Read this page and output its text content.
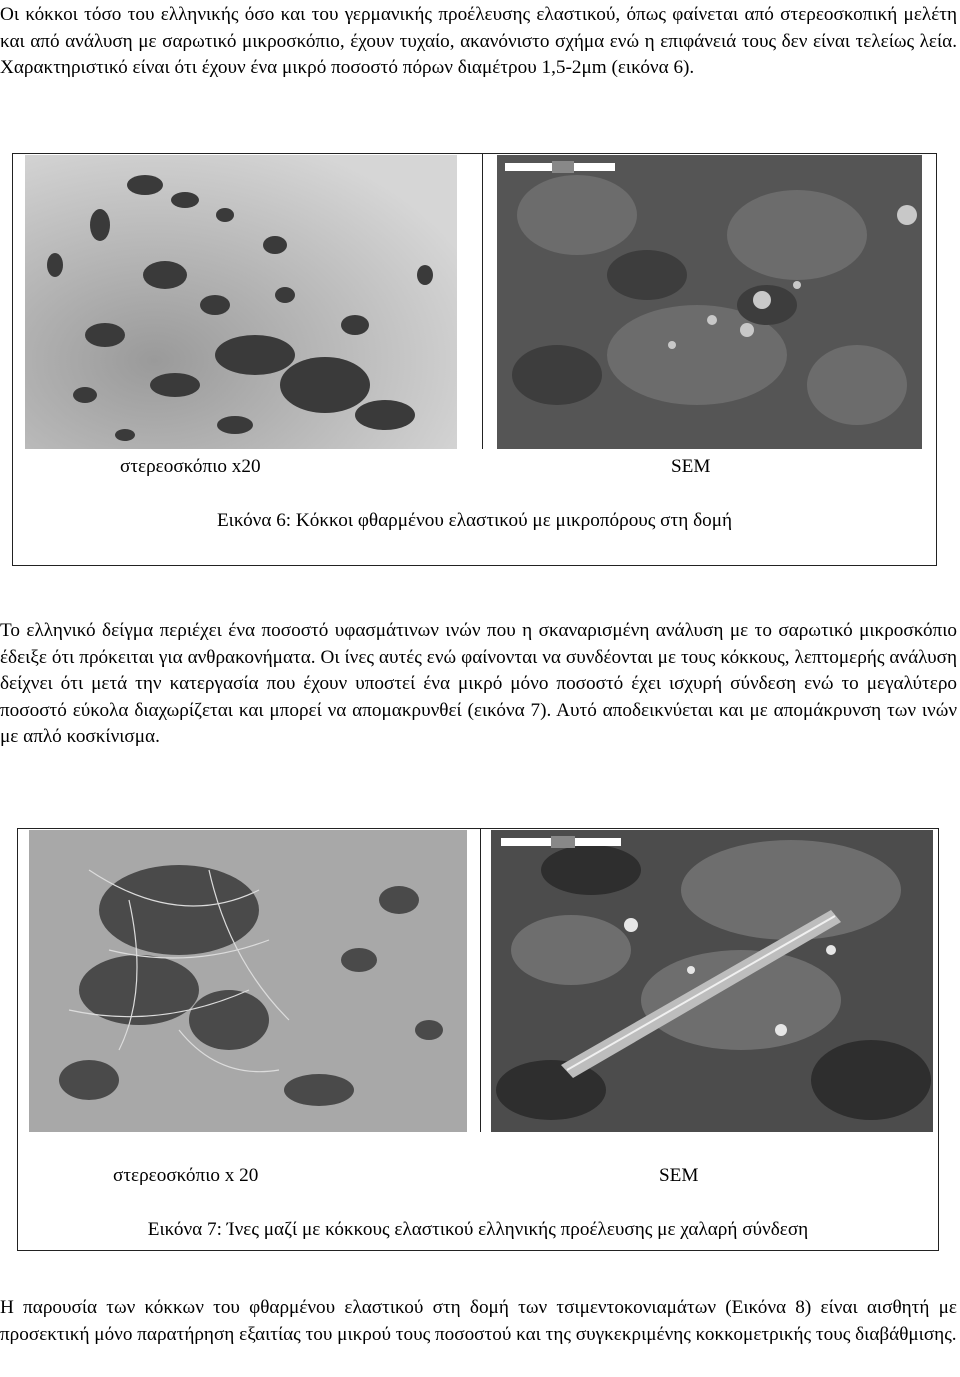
Οι κόκκοι τόσο του ελληνικής όσο και του γερμανικής προέλευσης ελαστικού, όπως φαίνεται από στερεοσκοπική μελέτη και από ανάλυση με σαρωτικό μικροσκόπιο, έχουν τυχαίο, ακανόνιστο σχήμα ενώ η επιφάνειά τους δεν είναι τελείως λεία. Χαρακτηριστικό είναι ότι έχουν ένα μικρό ποσοστό πόρων διαμέτρου 1,5-2μm (εικόνα 6).

στερεοσκόπιο x20	SEM
Εικόνα 6: Κόκκοι φθαρμένου ελαστικού με μικροπόρους στη δομή

Το ελληνικό δείγμα περιέχει ένα ποσοστό υφασμάτινων ινών που η σκαναρισμένη ανάλυση με το σαρωτικό μικροσκόπιο έδειξε ότι πρόκειται για ανθρακονήματα. Οι ίνες αυτές ενώ φαίνονται να συνδέονται με τους κόκκους, λεπτομερής ανάλυση δείχνει ότι μετά την κατεργασία που έχουν υποστεί ένα μικρό μόνο ποσοστό έχει ισχυρή σύνδεση ενώ το μεγαλύτερο ποσοστό εύκολα διαχωρίζεται και μπορεί να απομακρυνθεί (εικόνα 7). Αυτό αποδεικνύεται και με απομάκρυνση των ινών με απλό κοσκίνισμα.

στερεοσκόπιο x 20	SEM
Εικόνα 7: Ίνες μαζί με κόκκους ελαστικού ελληνικής προέλευσης με χαλαρή σύνδεση

Η παρουσία των κόκκων του φθαρμένου ελαστικού στη δομή των τσιμεντοκονιαμάτων (Εικόνα 8) είναι αισθητή με προσεκτική μόνο παρατήρηση εξαιτίας του μικρού τους ποσοστού και της συγκεκριμένης κοκκομετρικής τους διαβάθμισης.
